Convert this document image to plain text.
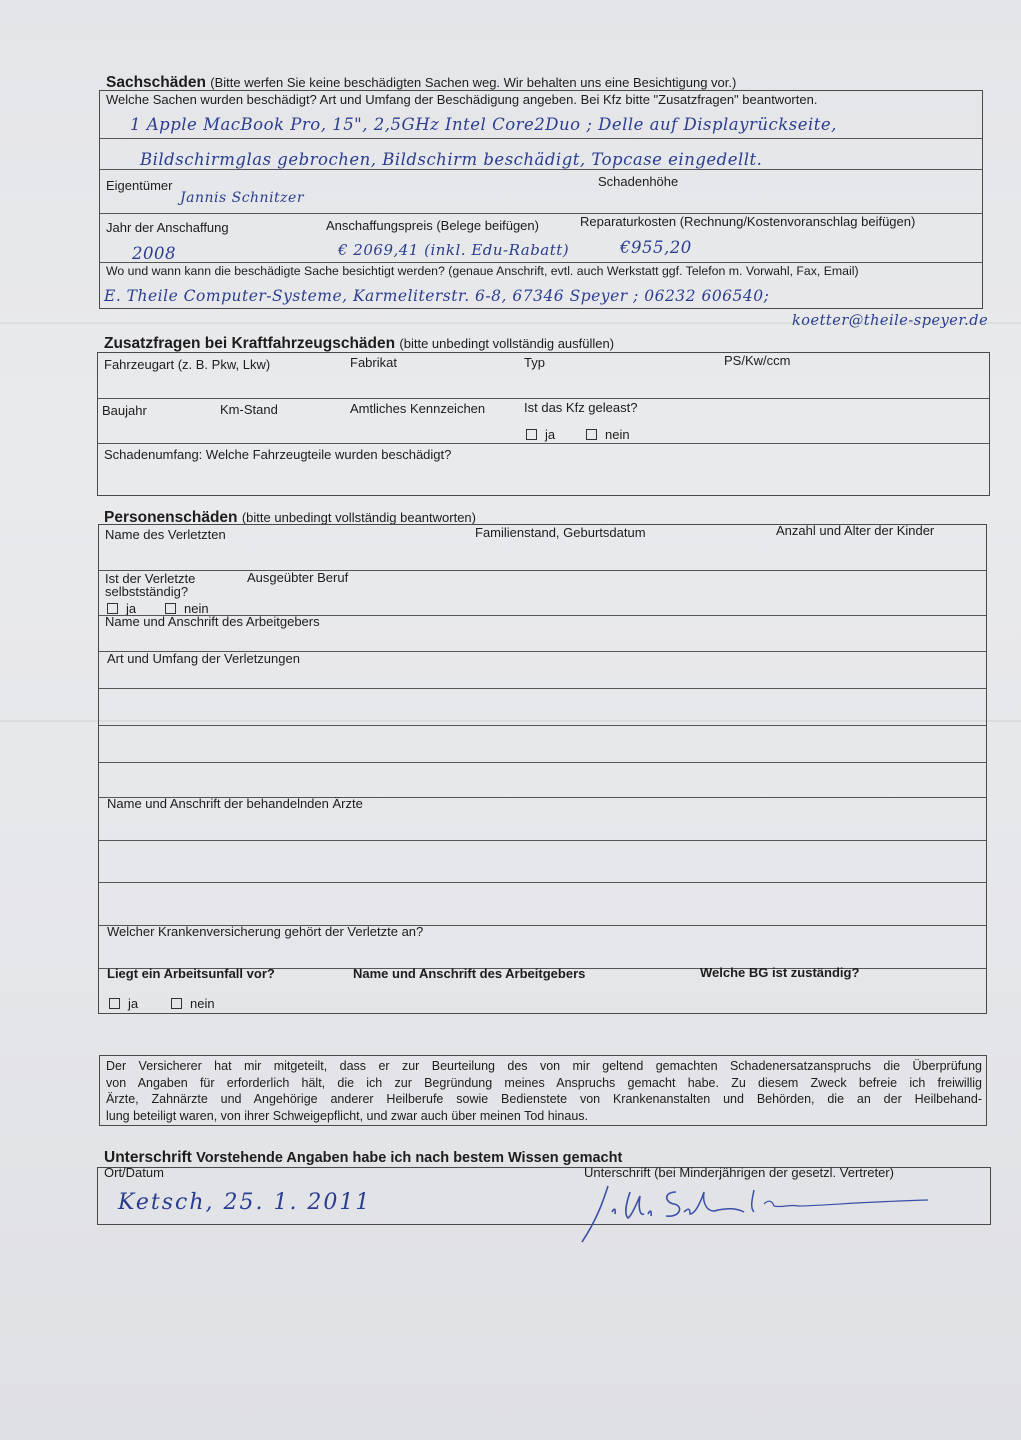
Sachschäden (Bitte werfen Sie keine beschädigten Sachen weg. Wir behalten uns eine Besichtigung vor.)
Welche Sachen wurden beschädigt? Art und Umfang der Beschädigung angeben. Bei Kfz bitte "Zusatzfragen" beantworten.
1 Apple MacBook Pro, 15", 2,5GHz Intel Core2Duo ; Delle auf Displayrückseite,
Bildschirmglas gebrochen, Bildschirm beschädigt, Topcase eingedellt.
Eigentümer
Jannis Schnitzer
Schadenhöhe
Jahr der Anschaffung
2008
Anschaffungspreis (Belege beifügen)
€ 2069,41 (inkl. Edu-Rabatt)
Reparaturkosten (Rechnung/Kostenvoranschlag beifügen)
€955,20
Wo und wann kann die beschädigte Sache besichtigt werden? (genaue Anschrift, evtl. auch Werkstatt ggf. Telefon m. Vorwahl, Fax, Email)
E. Theile Computer-Systeme, Karmeliterstr. 6-8, 67346 Speyer ; 06232 606540;
koetter@theile-speyer.de
Zusatzfragen bei Kraftfahrzeugschäden (bitte unbedingt vollständig ausfüllen)
Fahrzeugart (z. B. Pkw, Lkw)	Fabrikat	Typ	PS/Kw/ccm
Baujahr	Km-Stand	Amtliches Kennzeichen	Ist das Kfz geleast?
ja	nein
Schadenumfang: Welche Fahrzeugteile wurden beschädigt?
Personenschäden (bitte unbedingt vollständig beantworten)
Name des Verletzten	Familienstand, Geburtsdatum	Anzahl und Alter der Kinder
Ist der Verletzte
selbstständig?
Ausgeübter Beruf
ja	nein
Name und Anschrift des Arbeitgebers
Art und Umfang der Verletzungen
Name und Anschrift der behandelnden Ärzte
Welcher Krankenversicherung gehört der Verletzte an?
Liegt ein Arbeitsunfall vor?	Name und Anschrift des Arbeitgebers	Welche BG ist zuständig?
ja	nein
Der Versicherer hat mir mitgeteilt, dass er zur Beurteilung des von mir geltend gemachten Schadenersatzanspruchs die Überprüfung
von Angaben für erforderlich hält, die ich zur Begründung meines Anspruchs gemacht habe. Zu diesem Zweck befreie ich freiwillig
Ärzte, Zahnärzte und Angehörige anderer Heilberufe sowie Bedienstete von Krankenanstalten und Behörden, die an der Heilbehand-
lung beteiligt waren, von ihrer Schweigepflicht, und zwar auch über meinen Tod hinaus.
Unterschrift Vorstehende Angaben habe ich nach bestem Wissen gemacht
Ort/Datum
Ketsch, 25. 1. 2011
Unterschrift (bei Minderjährigen der gesetzl. Vertreter)
